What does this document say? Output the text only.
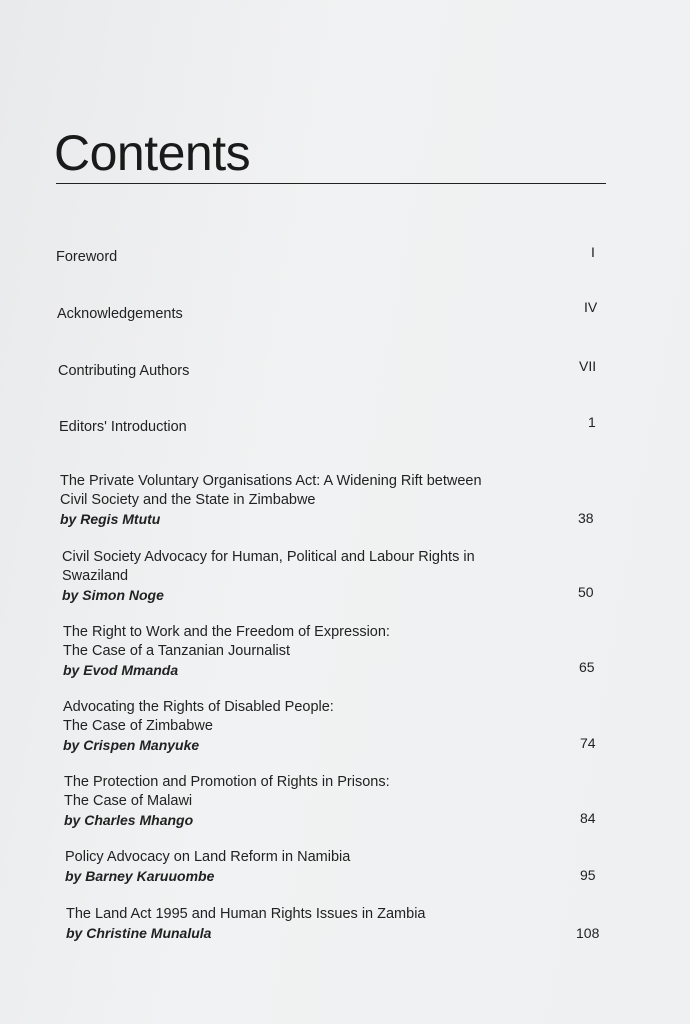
Contents
Foreword	I
Acknowledgements	IV
Contributing Authors	VII
Editors' Introduction	1
The Private Voluntary Organisations Act: A Widening Rift between
Civil Society and the State in Zimbabwe
by Regis Mtutu	38
Civil Society Advocacy for Human, Political and Labour Rights in
Swaziland
by Simon Noge	50
The Right to Work and the Freedom of Expression:
The Case of a Tanzanian Journalist
by Evod Mmanda	65
Advocating the Rights of Disabled People:
The Case of Zimbabwe
by Crispen Manyuke	74
The Protection and Promotion of Rights in Prisons:
The Case of Malawi
by Charles Mhango	84
Policy Advocacy on Land Reform in Namibia
by Barney Karuuombe	95
The Land Act 1995 and Human Rights Issues in Zambia
by Christine Munalula	108
